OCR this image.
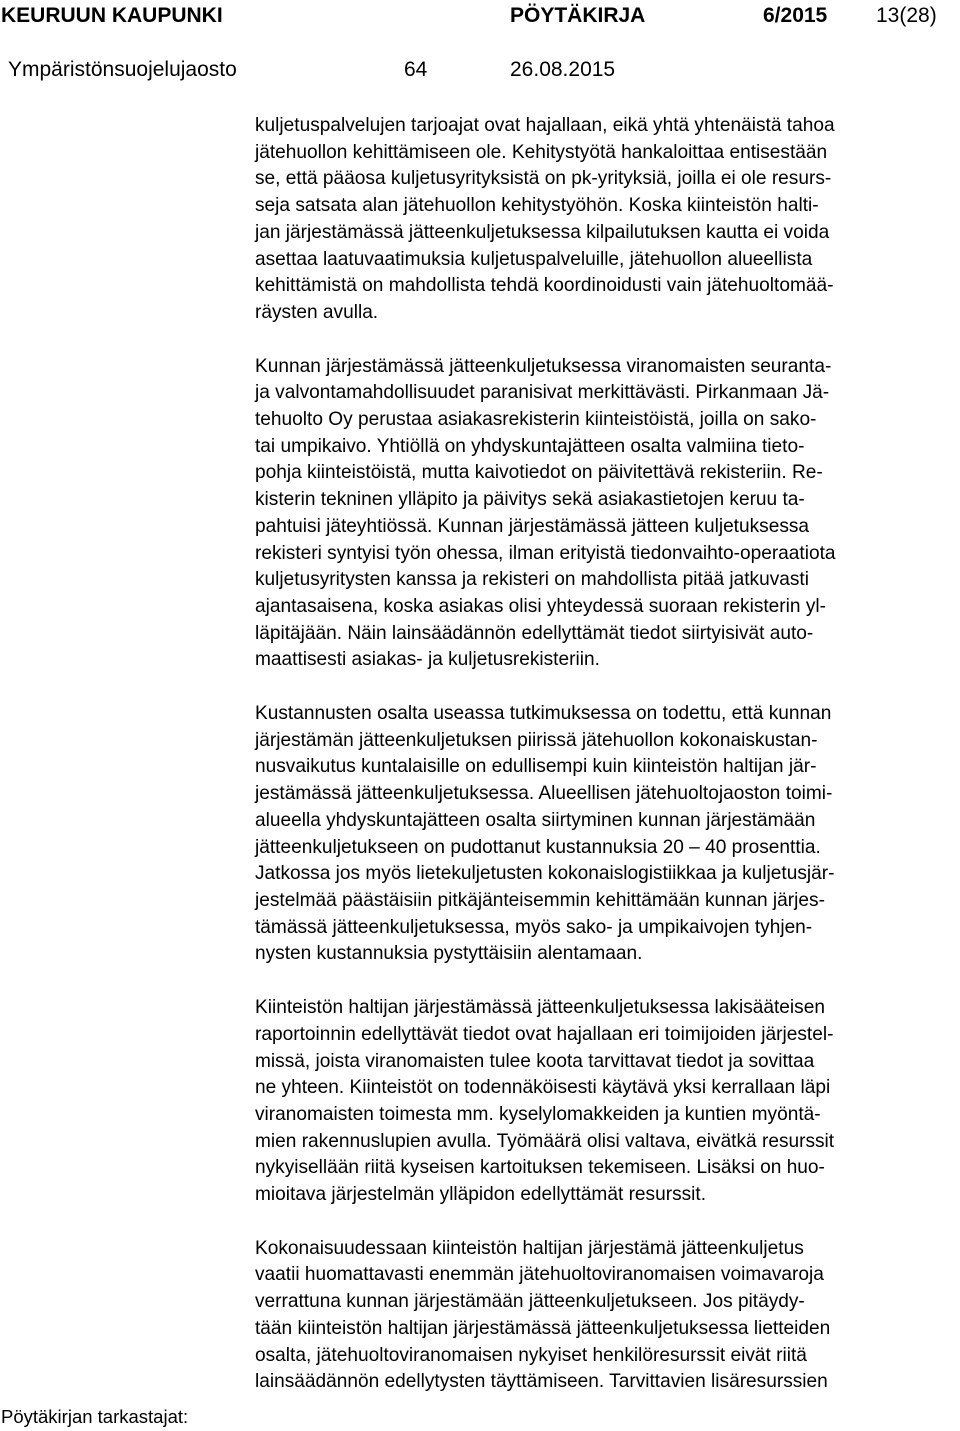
KEURUUN KAUPUNKI	PÖYTÄKIRJA	6/2015 13(28)
Ympäristönsuojelujaosto	64	26.08.2015

kuljetuspalvelujen tarjoajat ovat hajallaan, eikä yhtä yhtenäistä tahoa
jätehuollon kehittämiseen ole. Kehitystyötä hankaloittaa entisestään
se, että pääosa kuljetusyrityksistä on pk-yrityksiä, joilla ei ole resurs-
seja satsata alan jätehuollon kehitystyöhön. Koska kiinteistön halti-
jan järjestämässä jätteenkuljetuksessa kilpailutuksen kautta ei voida
asettaa laatuvaatimuksia kuljetuspalveluille, jätehuollon alueellista
kehittämistä on mahdollista tehdä koordinoidusti vain jätehuoltomää-
räysten avulla.

Kunnan järjestämässä jätteenkuljetuksessa viranomaisten seuranta-
ja valvontamahdollisuudet paranisivat merkittävästi. Pirkanmaan Jä-
tehuolto Oy perustaa asiakasrekisterin kiinteistöistä, joilla on sako-
tai umpikaivo. Yhtiöllä on yhdyskuntajätteen osalta valmiina tieto-
pohja kiinteistöistä, mutta kaivotiedot on päivitettävä rekisteriin. Re-
kisterin tekninen ylläpito ja päivitys sekä asiakastietojen keruu ta-
pahtuisi jäteyhtiössä. Kunnan järjestämässä jätteen kuljetuksessa
rekisteri syntyisi työn ohessa, ilman erityistä tiedonvaihto-operaatiota
kuljetusyritysten kanssa ja rekisteri on mahdollista pitää jatkuvasti
ajantasaisena, koska asiakas olisi yhteydessä suoraan rekisterin yl-
läpitäjään. Näin lainsäädännön edellyttämät tiedot siirtyisivät auto-
maattisesti asiakas- ja kuljetusrekisteriin.

Kustannusten osalta useassa tutkimuksessa on todettu, että kunnan
järjestämän jätteenkuljetuksen piirissä jätehuollon kokonaiskustan-
nusvaikutus kuntalaisille on edullisempi kuin kiinteistön haltijan jär-
jestämässä jätteenkuljetuksessa. Alueellisen jätehuoltojaoston toimi-
alueella yhdyskuntajätteen osalta siirtyminen kunnan järjestämään
jätteenkuljetukseen on pudottanut kustannuksia 20 – 40 prosenttia.
Jatkossa jos myös lietekuljetusten kokonaislogistiikkaa ja kuljetusjär-
jestelmää päästäisiin pitkäjänteisemmin kehittämään kunnan järjes-
tämässä jätteenkuljetuksessa, myös sako- ja umpikaivojen tyhjen-
nysten kustannuksia pystyttäisiin alentamaan.

Kiinteistön haltijan järjestämässä jätteenkuljetuksessa lakisääteisen
raportoinnin edellyttävät tiedot ovat hajallaan eri toimijoiden järjestel-
missä, joista viranomaisten tulee koota tarvittavat tiedot ja sovittaa
ne yhteen. Kiinteistöt on todennäköisesti käytävä yksi kerrallaan läpi
viranomaisten toimesta mm. kyselylomakkeiden ja kuntien myöntä-
mien rakennuslupien avulla. Työmäärä olisi valtava, eivätkä resurssit
nykyisellään riitä kyseisen kartoituksen tekemiseen. Lisäksi on huo-
mioitava järjestelmän ylläpidon edellyttämät resurssit.

Kokonaisuudessaan kiinteistön haltijan järjestämä jätteenkuljetus
vaatii huomattavasti enemmän jätehuoltoviranomaisen voimavaroja
verrattuna kunnan järjestämään jätteenkuljetukseen. Jos pitäydy-
tään kiinteistön haltijan järjestämässä jätteenkuljetuksessa lietteiden
osalta, jätehuoltoviranomaisen nykyiset henkilöresurssit eivät riitä
lainsäädännön edellytysten täyttämiseen. Tarvittavien lisäresurssien

Pöytäkirjan tarkastajat:
